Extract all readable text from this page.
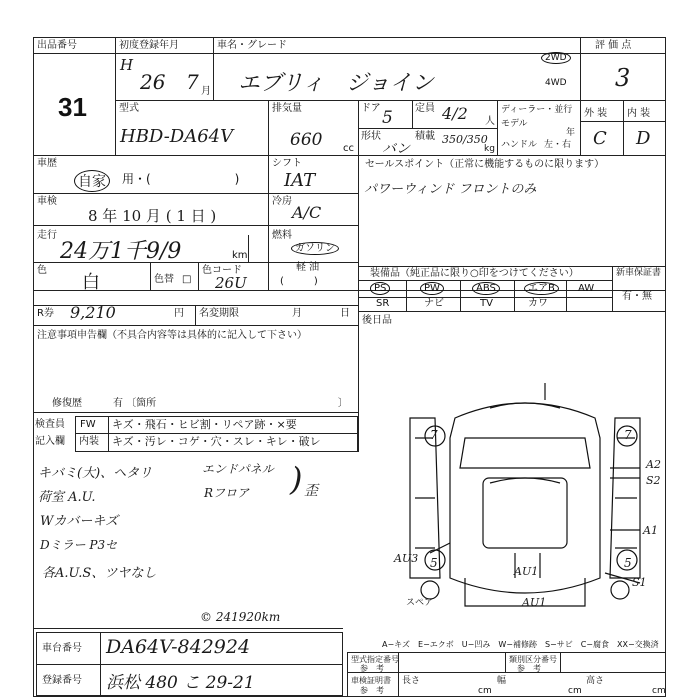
出品番号
31
初度登録年月
H
26 7 月
車名・グレード
エブリィ　ジョイン
2WD
4WD
評 価 点
3
型式
HBD-DA64V
排気量
660 cc
ドア 5 定員 4/2 人
形状
バン
積載 350/350
kg
ディーラー・並行
モデル
年
ハンドル 左・右
外 装 内 装
C D
車歴
自家	用・(　　　　　　　)
車検
8 年 10 月 ( 1 日 )
走行
24万1千9/9	km
色
白	色替 □
色コード
26U
シフト
IAT
冷房
A/C
燃料
ガソリン
軽 油
(　　　)
セールスポイント（正常に機能するものに限ります）
パワーウィンド フロントのみ
装備品（純正品に限り○印をつけてください）	新車保証書
PS	PW	ABS	エアB	AW
SR	ナビ	TV	カワ
有・無
後日品
R券 9,210	円 名変期限	月	日
注意事項申告欄（不具合内容等は具体的に記入して下さい）
修復歴	有 〔箇所	〕
検査員
記入欄
FW キズ・飛石・ヒビ割・リペア跡・×要
内装 キズ・汚レ・コゲ・穴・スレ・キレ・破レ
キバミ(大)、ヘタリ
荷室 A.U.
Wカバーキズ
Dミラー P3セ
各A.U.S、ツヤなし
エンドパネル
Rフロア ) 歪
© 241920km
7	7
A2
S2
A1
AU3 5	5
S1
AU1
AU1
スペア
車台番号 DA64V-842924
登録番号 浜松 480 こ 29-21
A−キズ　E−エクボ　U−凹み　W−補修跡　S−サビ　C−腐食　XX−交換済
型式指定番号
参　考
類別区分番号
参　考
車検証明書
参　考
長さ
cm
幅
cm
高さ
cm
